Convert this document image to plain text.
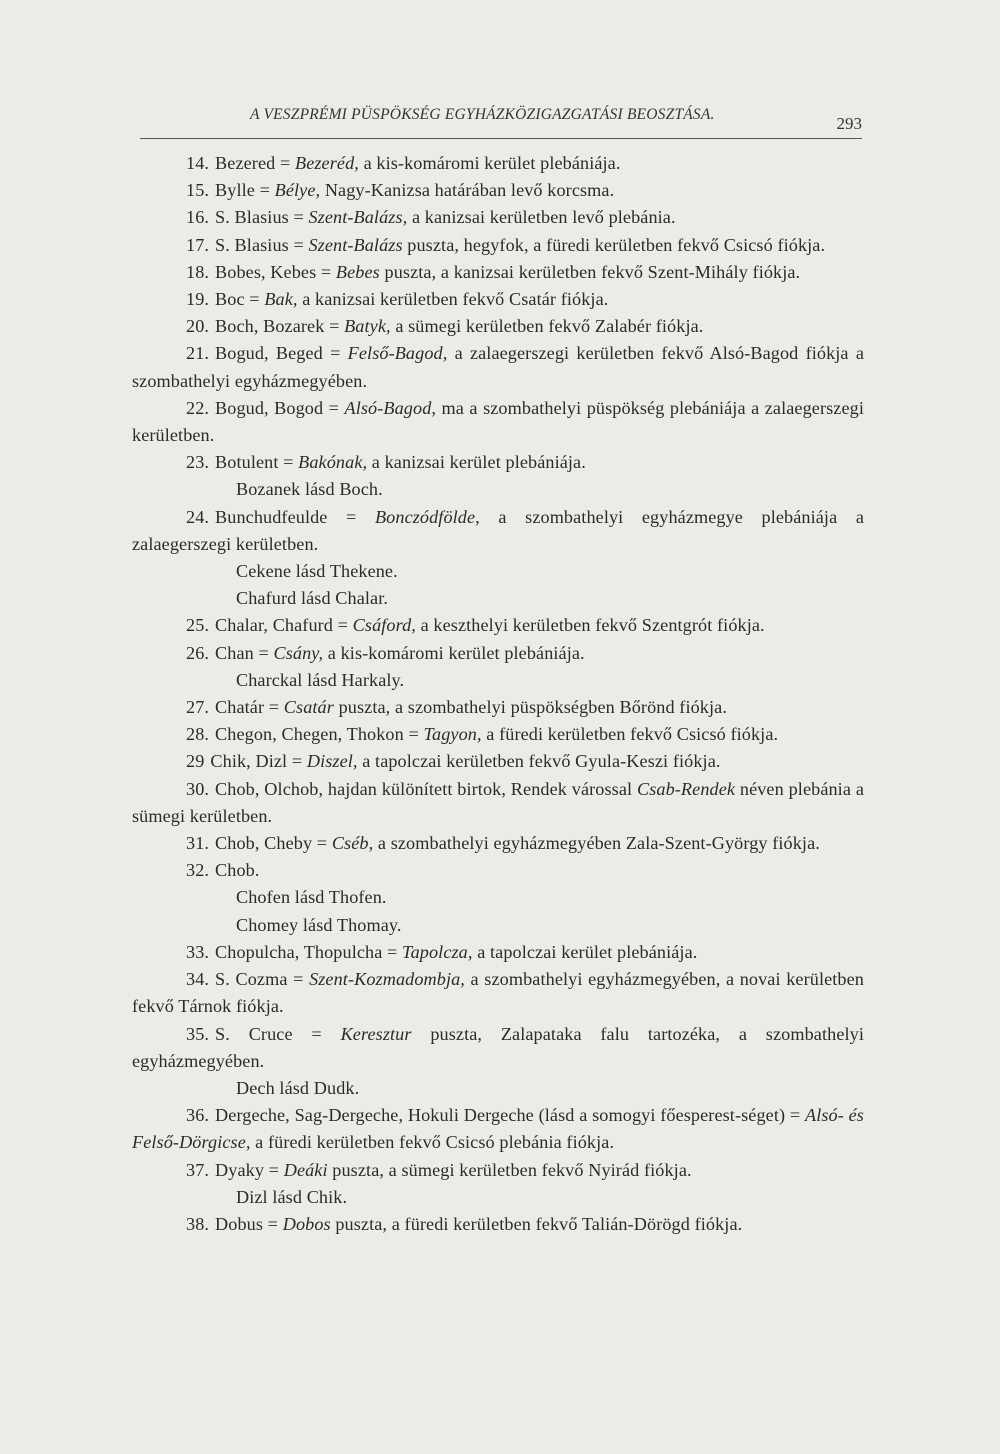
A VESZPRÉMI PÜSPÖKSÉG EGYHÁZKÖZIGAZGATÁSI BEOSZTÁSA.	293

14. Bezered = Bezeréd, a kis-komáromi kerület plebániája.

15. Bylle = Bélye, Nagy-Kanizsa határában levő korcsma.

16. S. Blasius = Szent-Balázs, a kanizsai kerületben levő plebánia.

17. S. Blasius = Szent-Balázs puszta, hegyfok, a füredi kerületben fekvő Csicsó fiókja.

18. Bobes, Kebes = Bebes puszta, a kanizsai kerületben fekvő Szent-Mihály fiókja.

19. Boc = Bak, a kanizsai kerületben fekvő Csatár fiókja.

20. Boch, Bozarek = Batyk, a sümegi kerületben fekvő Zalabér fiókja.

21. Bogud, Beged = Felső-Bagod, a zalaegerszegi kerületben fekvő Alsó-Bagod fiókja a szombathelyi egyházmegyében.

22. Bogud, Bogod = Alsó-Bagod, ma a szombathelyi püspökség plebániája a zalaegerszegi kerületben.

23. Botulent = Bakónak, a kanizsai kerület plebániája.

Bozanek lásd Boch.

24. Bunchudfeulde = Bonczódfölde, a szombathelyi egyházmegye plebániája a zalaegerszegi kerületben.

Cekene lásd Thekene.

Chafurd lásd Chalar.

25. Chalar, Chafurd = Csáford, a keszthelyi kerületben fekvő Szentgrót fiókja.

26. Chan = Csány, a kis-komáromi kerület plebániája.

Charckal lásd Harkaly.

27. Chatár = Csatár puszta, a szombathelyi püspökségben Bőrönd fiókja.

28. Chegon, Chegen, Thokon = Tagyon, a füredi kerületben fekvő Csicsó fiókja.

29 Chik, Dizl = Diszel, a tapolczai kerületben fekvő Gyula-Keszi fiókja.

30. Chob, Olchob, hajdan különített birtok, Rendek várossal Csab-Rendek néven plebánia a sümegi kerületben.

31. Chob, Cheby = Cséb, a szombathelyi egyházmegyében Zala-Szent-György fiókja.

32. Chob.

Chofen lásd Thofen.

Chomey lásd Thomay.

33. Chopulcha, Thopulcha = Tapolcza, a tapolczai kerület plebániája.

34. S. Cozma = Szent-Kozmadombja, a szombathelyi egyházmegyében, a novai kerületben fekvő Tárnok fiókja.

35. S. Cruce = Keresztur puszta, Zalapataka falu tartozéka, a szombathelyi egyházmegyében.

Dech lásd Dudk.

36. Dergeche, Sag-Dergeche, Hokuli Dergeche (lásd a somogyi főesperest-séget) = Alsó- és Felső-Dörgicse, a füredi kerületben fekvő Csicsó plebánia fiókja.

37. Dyaky = Deáki puszta, a sümegi kerületben fekvő Nyirád fiókja.

Dizl lásd Chik.

38. Dobus = Dobos puszta, a füredi kerületben fekvő Talián-Dörögd fiókja.
